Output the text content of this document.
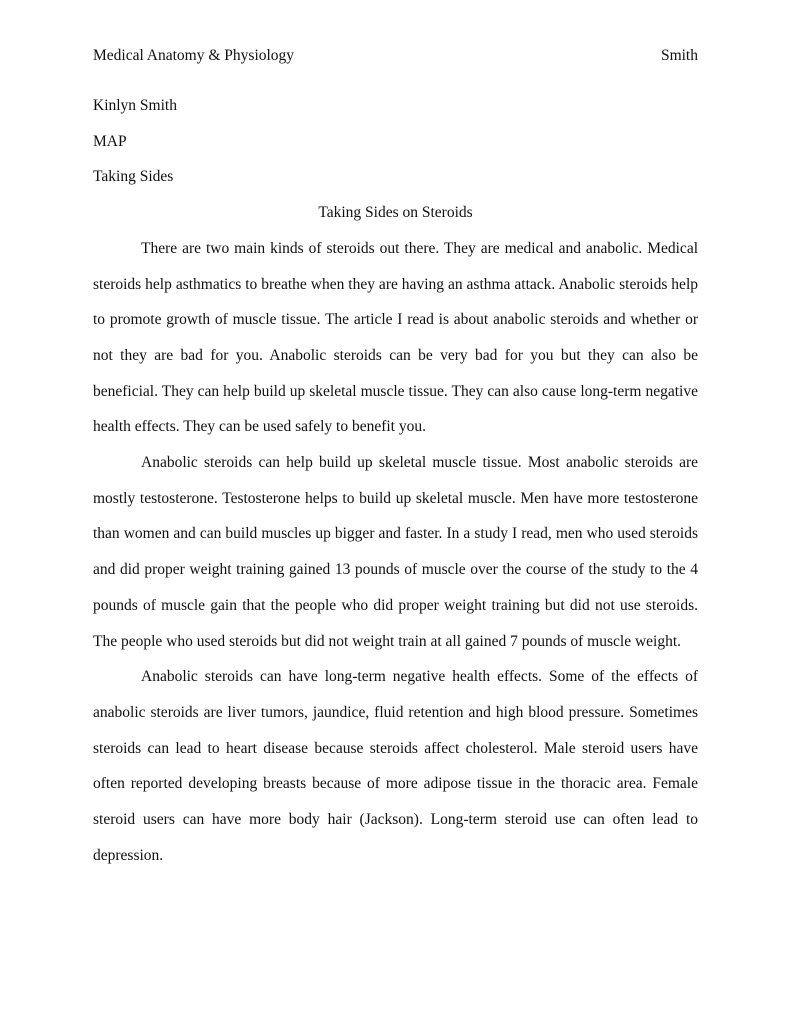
Medical Anatomy & Physiology	Smith

Kinlyn Smith

MAP

Taking Sides

Taking Sides on Steroids

There are two main kinds of steroids out there. They are medical and anabolic. Medical steroids help asthmatics to breathe when they are having an asthma attack. Anabolic steroids help to promote growth of muscle tissue. The article I read is about anabolic steroids and whether or not they are bad for you. Anabolic steroids can be very bad for you but they can also be beneficial. They can help build up skeletal muscle tissue. They can also cause long-term negative health effects. They can be used safely to benefit you.

Anabolic steroids can help build up skeletal muscle tissue. Most anabolic steroids are mostly testosterone. Testosterone helps to build up skeletal muscle. Men have more testosterone than women and can build muscles up bigger and faster. In a study I read, men who used steroids and did proper weight training gained 13 pounds of muscle over the course of the study to the 4 pounds of muscle gain that the people who did proper weight training but did not use steroids. The people who used steroids but did not weight train at all gained 7 pounds of muscle weight.

Anabolic steroids can have long-term negative health effects. Some of the effects of anabolic steroids are liver tumors, jaundice, fluid retention and high blood pressure. Sometimes steroids can lead to heart disease because steroids affect cholesterol. Male steroid users have often reported developing breasts because of more adipose tissue in the thoracic area. Female steroid users can have more body hair (Jackson). Long-term steroid use can often lead to depression.
